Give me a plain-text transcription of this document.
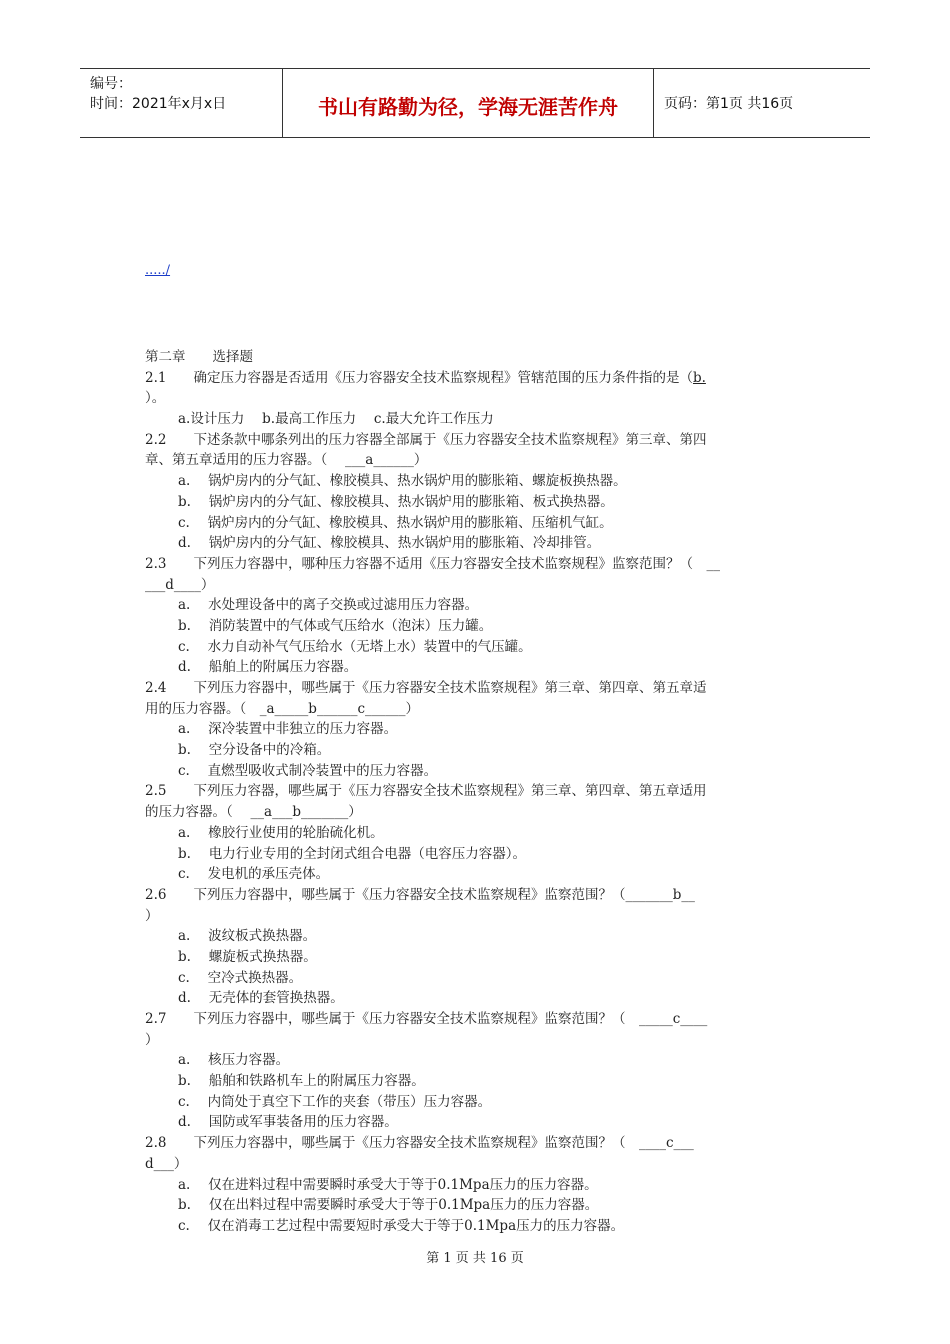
编号：
时间：2021年x月x日	书山有路勤为径，学海无涯苦作舟	页码：第1页 共16页
...../
第二章　　选择题
2.1　　确定压力容器是否适用《压力容器安全技术监察规程》管辖范围的压力条件指的是（b.
）。
a.设计压力　 b.最高工作压力　 c.最大允许工作压力
2.2　　下述条款中哪条列出的压力容器全部属于《压力容器安全技术监察规程》第三章、第四
章、第五章适用的压力容器。（　 ___a______）
a.　 锅炉房内的分气缸、橡胶模具、热水锅炉用的膨胀箱、螺旋板换热器。
b.　 锅炉房内的分气缸、橡胶模具、热水锅炉用的膨胀箱、板式换热器。
c.　 锅炉房内的分气缸、橡胶模具、热水锅炉用的膨胀箱、压缩机气缸。
d.　 锅炉房内的分气缸、橡胶模具、热水锅炉用的膨胀箱、冷却排管。
2.3　　下列压力容器中，哪种压力容器不适用《压力容器安全技术监察规程》监察范围？（　__
___d____）
a.　 水处理设备中的离子交换或过滤用压力容器。
b.　 消防装置中的气体或气压给水（泡沫）压力罐。
c.　 水力自动补气气压给水（无塔上水）装置中的气压罐。
d.　 船舶上的附属压力容器。
2.4　　下列压力容器中，哪些属于《压力容器安全技术监察规程》第三章、第四章、第五章适
用的压力容器。（　_a_____b______c______）
a.　 深冷装置中非独立的压力容器。
b.　 空分设备中的冷箱。
c.　 直燃型吸收式制冷装置中的压力容器。
2.5　　下列压力容器，哪些属于《压力容器安全技术监察规程》第三章、第四章、第五章适用
的压力容器。（　 __a___b_______）
a.　 橡胶行业使用的轮胎硫化机。
b.　 电力行业专用的全封闭式组合电器（电容压力容器）。
c.　 发电机的承压壳体。
2.6　　下列压力容器中，哪些属于《压力容器安全技术监察规程》监察范围？（_______b__
）
a.　 波纹板式换热器。
b.　 螺旋板式换热器。
c.　 空冷式换热器。
d.　 无壳体的套管换热器。
2.7　　下列压力容器中，哪些属于《压力容器安全技术监察规程》监察范围？（　_____c____
）
a.　 核压力容器。
b.　 船舶和铁路机车上的附属压力容器。
c.　 内筒处于真空下工作的夹套（带压）压力容器。
d.　 国防或军事装备用的压力容器。
2.8　　下列压力容器中，哪些属于《压力容器安全技术监察规程》监察范围？（　____c___
d___）
a.　 仅在进料过程中需要瞬时承受大于等于0.1Mpa压力的压力容器。
b.　 仅在出料过程中需要瞬时承受大于等于0.1Mpa压力的压力容器。
c.　 仅在消毒工艺过程中需要短时承受大于等于0.1Mpa压力的压力容器。
第 1 页 共 16 页
